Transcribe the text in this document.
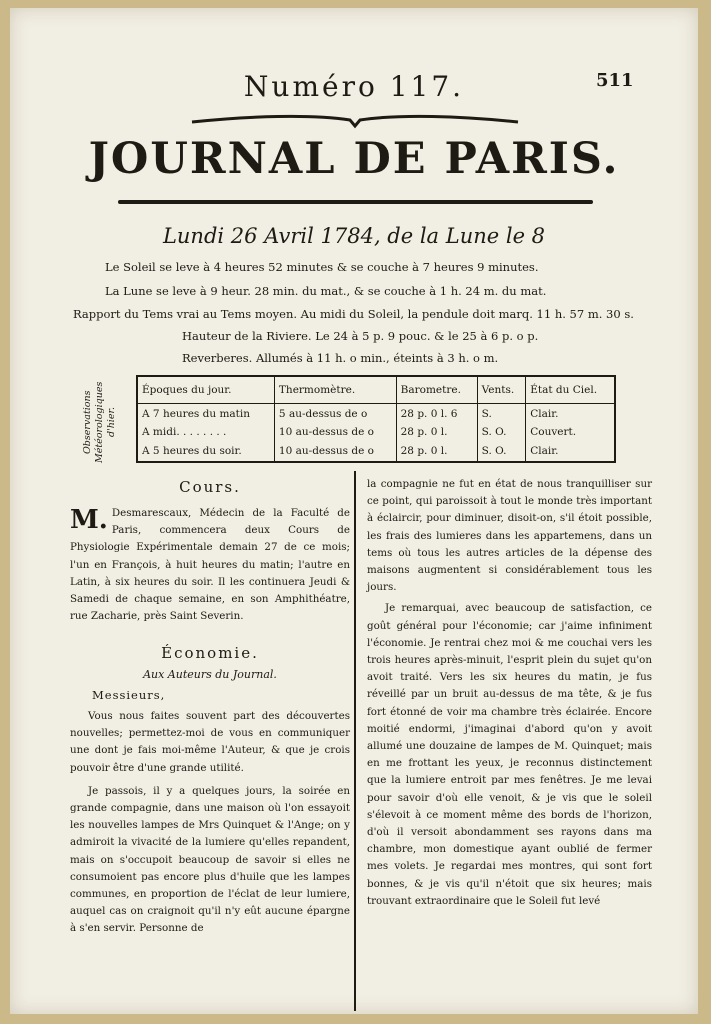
Numéro 117.	511
JOURNAL DE PARIS.
Lundi 26 Avril 1784, de la Lune le 8
Le Soleil se leve à 4 heures 52 minutes & se couche à 7 heures 9 minutes.
La Lune se leve à 9 heur. 28 min. du mat., & se couche à 1 h. 24 m. du mat.
Rapport du Tems vrai au Tems moyen. Au midi du Soleil, la pendule doit marq. 11 h. 57 m. 30 s.
Hauteur de la Riviere. Le 24 à 5 p. 9 pouc. & le 25 à 6 p. o p.
Reverberes. Allumés à 11 h. o min., éteints à 3 h. o m.
Observations Météorologiques d'hier.
Époques du jour.	Thermomètre.	Barometre.	Vents.	État du Ciel.
A 7 heures du matin	5 au-dessus de o	28 p. 0 l. 6	S.	Clair.
A midi. . . . . . . .	10 au-dessus de o	28 p. 0 l.	S. O.	Couvert.
A 5 heures du soir.	10 au-dessus de o	28 p. 0 l.	S. O.	Clair.
Cours.

M. Desmarescaux, Médecin de la Faculté de Paris, commencera deux Cours de Physiologie Expérimentale demain 27 de ce mois; l'un en François, à huit heures du matin; l'autre en Latin, à six heures du soir. Il les continuera Jeudi & Samedi de chaque semaine, en son Amphithéatre, rue Zacharie, près Saint Severin.

Économie.
Aux Auteurs du Journal.
Messieurs,

Vous nous faites souvent part des découvertes nouvelles; permettez-moi de vous en communiquer une dont je fais moi-même l'Auteur, & que je crois pouvoir être d'une grande utilité.

Je passois, il y a quelques jours, la soirée en grande compagnie, dans une maison où l'on essayoit les nouvelles lampes de Mrs Quinquet & l'Ange; on y admiroit la vivacité de la lumiere qu'elles repandent, mais on s'occupoit beaucoup de savoir si elles ne consumoient pas encore plus d'huile que les lampes communes, en proportion de l'éclat de leur lumiere, auquel cas on craignoit qu'il n'y eût aucune épargne à s'en servir. Personne de

la compagnie ne fut en état de nous tranquilliser sur ce point, qui paroissoit à tout le monde très important à éclaircir, pour diminuer, disoit-on, s'il étoit possible, les frais des lumieres dans les appartemens, dans un tems où tous les autres articles de la dépense des maisons augmentent si considérablement tous les jours.

Je remarquai, avec beaucoup de satisfaction, ce goût général pour l'économie; car j'aime infiniment l'économie. Je rentrai chez moi & me couchai vers les trois heures après-minuit, l'esprit plein du sujet qu'on avoit traité. Vers les six heures du matin, je fus réveillé par un bruit au-dessus de ma tête, & je fus fort étonné de voir ma chambre très éclairée. Encore moitié endormi, j'imaginai d'abord qu'on y avoit allumé une douzaine de lampes de M. Quinquet; mais en me frottant les yeux, je reconnus distinctement que la lumiere entroit par mes fenêtres. Je me levai pour savoir d'où elle venoit, & je vis que le soleil s'élevoit à ce moment même des bords de l'horizon, d'où il versoit abondamment ses rayons dans ma chambre, mon domestique ayant oublié de fermer mes volets. Je regardai mes montres, qui sont fort bonnes, & je vis qu'il n'étoit que six heures; mais trouvant extraordinaire que le Soleil fut levé
